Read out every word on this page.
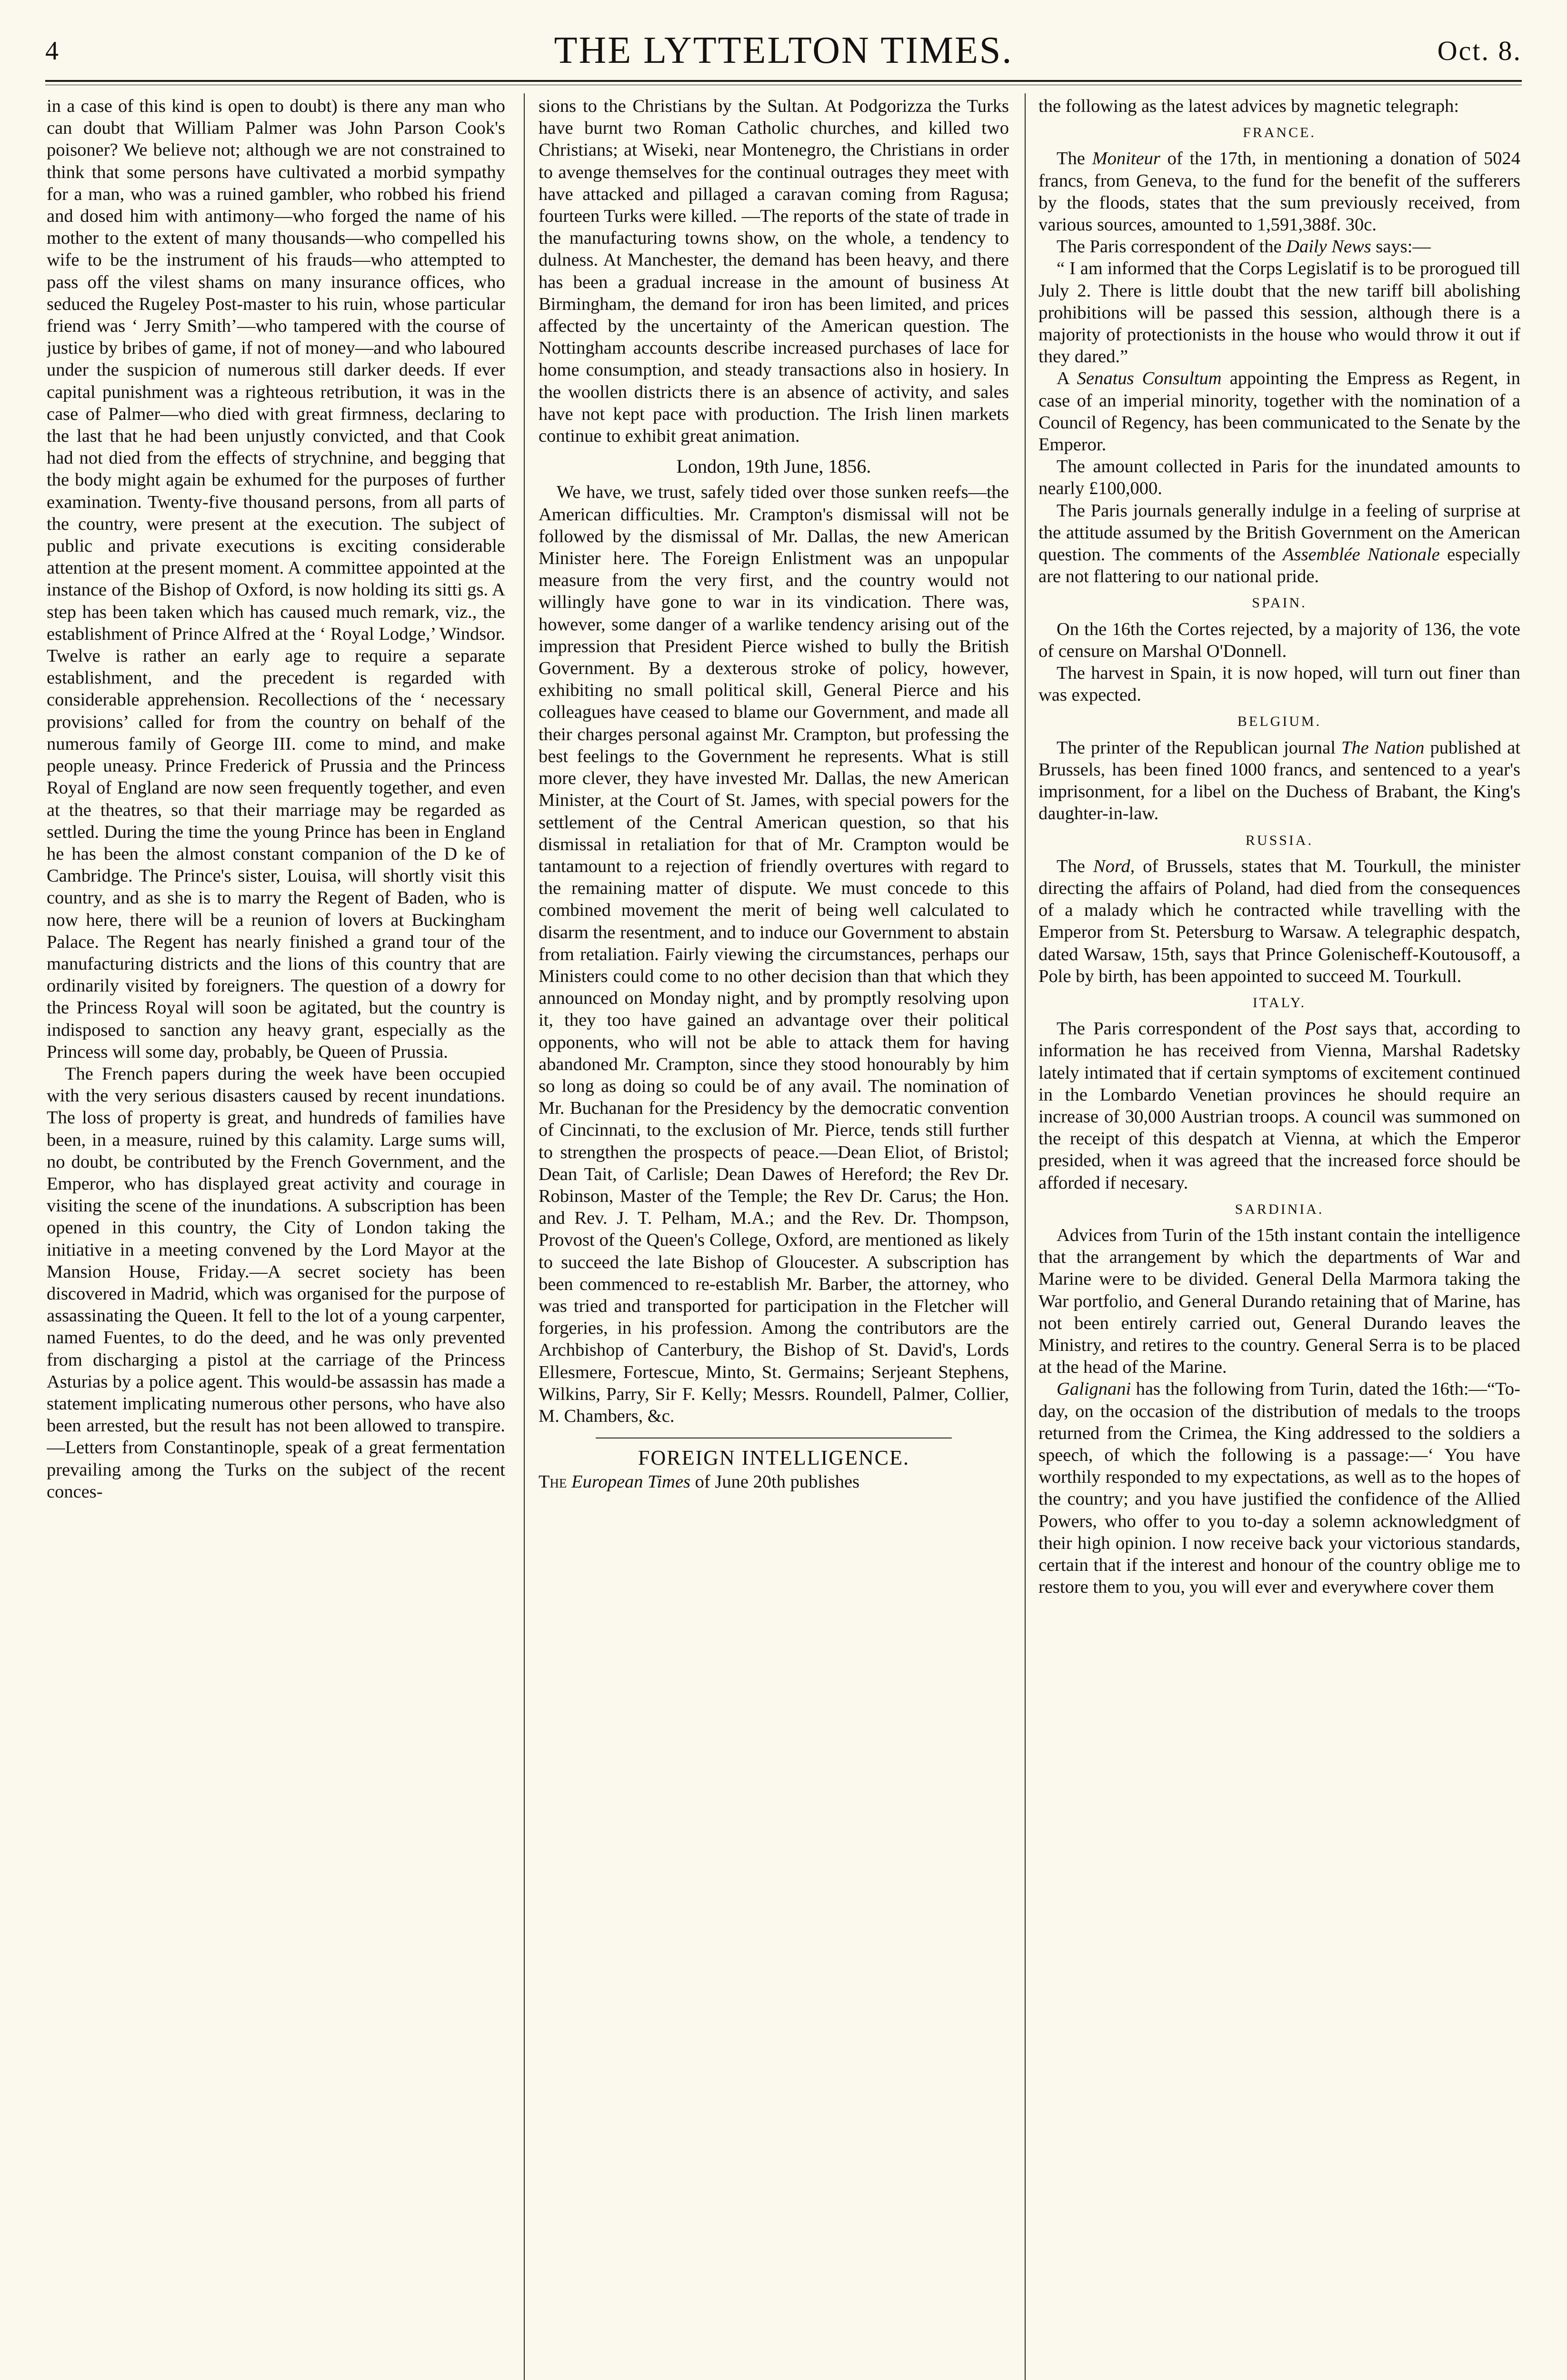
4	THE LYTTELTON TIMES.	Oct. 8.

in a case of this kind is open to doubt) is there any man who can doubt that William Palmer was John Parson Cook's poisoner? We believe not; although we are not constrained to think that some persons have cultivated a morbid sympathy for a man, who was a ruined gambler, who robbed his friend and dosed him with antimony—who forged the name of his mother to the extent of many thousands—who compelled his wife to be the instrument of his frauds—who attempted to pass off the vilest shams on many insurance offices, who seduced the Rugeley Post-master to his ruin, whose particular friend was ‘ Jerry Smith’—who tampered with the course of justice by bribes of game, if not of money—and who laboured under the suspicion of numerous still darker deeds. If ever capital punishment was a righteous retribution, it was in the case of Palmer—who died with great firmness, declaring to the last that he had been unjustly convicted, and that Cook had not died from the effects of strychnine, and begging that the body might again be exhumed for the purposes of further examination. Twenty-five thousand persons, from all parts of the country, were present at the execution. The subject of public and private executions is exciting considerable attention at the present moment. A committee appointed at the instance of the Bishop of Oxford, is now holding its sitti gs. A step has been taken which has caused much remark, viz., the establishment of Prince Alfred at the ‘ Royal Lodge,’ Windsor. Twelve is rather an early age to require a separate establishment, and the precedent is regarded with considerable apprehension. Recollections of the ‘ necessary provisions’ called for from the country on behalf of the numerous family of George III. come to mind, and make people uneasy. Prince Frederick of Prussia and the Princess Royal of England are now seen frequently together, and even at the theatres, so that their marriage may be regarded as settled. During the time the young Prince has been in England he has been the almost constant companion of the D ke of Cambridge. The Prince's sister, Louisa, will shortly visit this country, and as she is to marry the Regent of Baden, who is now here, there will be a reunion of lovers at Buckingham Palace. The Regent has nearly finished a grand tour of the manufacturing districts and the lions of this country that are ordinarily visited by foreigners. The question of a dowry for the Princess Royal will soon be agitated, but the country is indisposed to sanction any heavy grant, especially as the Princess will some day, probably, be Queen of Prussia.

The French papers during the week have been occupied with the very serious disasters caused by recent inundations. The loss of property is great, and hundreds of families have been, in a measure, ruined by this calamity. Large sums will, no doubt, be contributed by the French Government, and the Emperor, who has displayed great activity and courage in visiting the scene of the inundations. A subscription has been opened in this country, the City of London taking the initiative in a meeting convened by the Lord Mayor at the Mansion House, Friday.—A secret society has been discovered in Madrid, which was organised for the purpose of assassinating the Queen. It fell to the lot of a young carpenter, named Fuentes, to do the deed, and he was only prevented from discharging a pistol at the carriage of the Princess Asturias by a police agent. This would-be assassin has made a statement implicating numerous other persons, who have also been arrested, but the result has not been allowed to transpire.—Letters from Constantinople, speak of a great fermentation prevailing among the Turks on the subject of the recent conces-

sions to the Christians by the Sultan. At Podgorizza the Turks have burnt two Roman Catholic churches, and killed two Christians; at Wiseki, near Montenegro, the Christians in order to avenge themselves for the continual outrages they meet with have attacked and pillaged a caravan coming from Ragusa; fourteen Turks were killed. —The reports of the state of trade in the manufacturing towns show, on the whole, a tendency to dulness. At Manchester, the demand has been heavy, and there has been a gradual increase in the amount of business At Birmingham, the demand for iron has been limited, and prices affected by the uncertainty of the American question. The Nottingham accounts describe increased purchases of lace for home consumption, and steady transactions also in hosiery. In the woollen districts there is an absence of activity, and sales have not kept pace with production. The Irish linen markets continue to exhibit great animation.

London, 19th June, 1856.

We have, we trust, safely tided over those sunken reefs—the American difficulties. Mr. Crampton's dismissal will not be followed by the dismissal of Mr. Dallas, the new American Minister here. The Foreign Enlistment was an unpopular measure from the very first, and the country would not willingly have gone to war in its vindication. There was, however, some danger of a warlike tendency arising out of the impression that President Pierce wished to bully the British Government. By a dexterous stroke of policy, however, exhibiting no small political skill, General Pierce and his colleagues have ceased to blame our Government, and made all their charges personal against Mr. Crampton, but professing the best feelings to the Government he represents. What is still more clever, they have invested Mr. Dallas, the new American Minister, at the Court of St. James, with special powers for the settlement of the Central American question, so that his dismissal in retaliation for that of Mr. Crampton would be tantamount to a rejection of friendly overtures with regard to the remaining matter of dispute. We must concede to this combined movement the merit of being well calculated to disarm the resentment, and to induce our Government to abstain from retaliation. Fairly viewing the circumstances, perhaps our Ministers could come to no other decision than that which they announced on Monday night, and by promptly resolving upon it, they too have gained an advantage over their political opponents, who will not be able to attack them for having abandoned Mr. Crampton, since they stood honourably by him so long as doing so could be of any avail. The nomination of Mr. Buchanan for the Presidency by the democratic convention of Cincinnati, to the exclusion of Mr. Pierce, tends still further to strengthen the prospects of peace.—Dean Eliot, of Bristol; Dean Tait, of Carlisle; Dean Dawes of Hereford; the Rev Dr. Robinson, Master of the Temple; the Rev Dr. Carus; the Hon. and Rev. J. T. Pelham, M.A.; and the Rev. Dr. Thompson, Provost of the Queen's College, Oxford, are mentioned as likely to succeed the late Bishop of Gloucester. A subscription has been commenced to re-establish Mr. Barber, the attorney, who was tried and transported for participation in the Fletcher will forgeries, in his profession. Among the contributors are the Archbishop of Canterbury, the Bishop of St. David's, Lords Ellesmere, Fortescue, Minto, St. Germains; Serjeant Stephens, Wilkins, Parry, Sir F. Kelly; Messrs. Roundell, Palmer, Collier, M. Chambers, &c.

FOREIGN INTELLIGENCE.

The European Times of June 20th publishes

the following as the latest advices by magnetic telegraph:

FRANCE.

The Moniteur of the 17th, in mentioning a donation of 5024 francs, from Geneva, to the fund for the benefit of the sufferers by the floods, states that the sum previously received, from various sources, amounted to 1,591,388f. 30c.

The Paris correspondent of the Daily News says:—

“ I am informed that the Corps Legislatif is to be prorogued till July 2. There is little doubt that the new tariff bill abolishing prohibitions will be passed this session, although there is a majority of protectionists in the house who would throw it out if they dared.”

A Senatus Consultum appointing the Empress as Regent, in case of an imperial minority, together with the nomination of a Council of Regency, has been communicated to the Senate by the Emperor.

The amount collected in Paris for the inundated amounts to nearly £100,000.

The Paris journals generally indulge in a feeling of surprise at the attitude assumed by the British Government on the American question. The comments of the Assemblée Nationale especially are not flattering to our national pride.

SPAIN.

On the 16th the Cortes rejected, by a majority of 136, the vote of censure on Marshal O'Donnell.

The harvest in Spain, it is now hoped, will turn out finer than was expected.

BELGIUM.

The printer of the Republican journal The Nation published at Brussels, has been fined 1000 francs, and sentenced to a year's imprisonment, for a libel on the Duchess of Brabant, the King's daughter-in-law.

RUSSIA.

The Nord, of Brussels, states that M. Tourkull, the minister directing the affairs of Poland, had died from the consequences of a malady which he contracted while travelling with the Emperor from St. Petersburg to Warsaw. A telegraphic despatch, dated Warsaw, 15th, says that Prince Golenischeff-Koutousoff, a Pole by birth, has been appointed to succeed M. Tourkull.

ITALY.

The Paris correspondent of the Post says that, according to information he has received from Vienna, Marshal Radetsky lately intimated that if certain symptoms of excitement continued in the Lombardo Venetian provinces he should require an increase of 30,000 Austrian troops. A council was summoned on the receipt of this despatch at Vienna, at which the Emperor presided, when it was agreed that the increased force should be afforded if necesary.

SARDINIA.

Advices from Turin of the 15th instant contain the intelligence that the arrangement by which the departments of War and Marine were to be divided. General Della Marmora taking the War portfolio, and General Durando retaining that of Marine, has not been entirely carried out, General Durando leaves the Ministry, and retires to the country. General Serra is to be placed at the head of the Marine.

Galignani has the following from Turin, dated the 16th:—“To-day, on the occasion of the distribution of medals to the troops returned from the Crimea, the King addressed to the soldiers a speech, of which the following is a passage:—‘ You have worthily responded to my expectations, as well as to the hopes of the country; and you have justified the confidence of the Allied Powers, who offer to you to-day a solemn acknowledgment of their high opinion. I now receive back your victorious standards, certain that if the interest and honour of the country oblige me to restore them to you, you will ever and everywhere cover them
